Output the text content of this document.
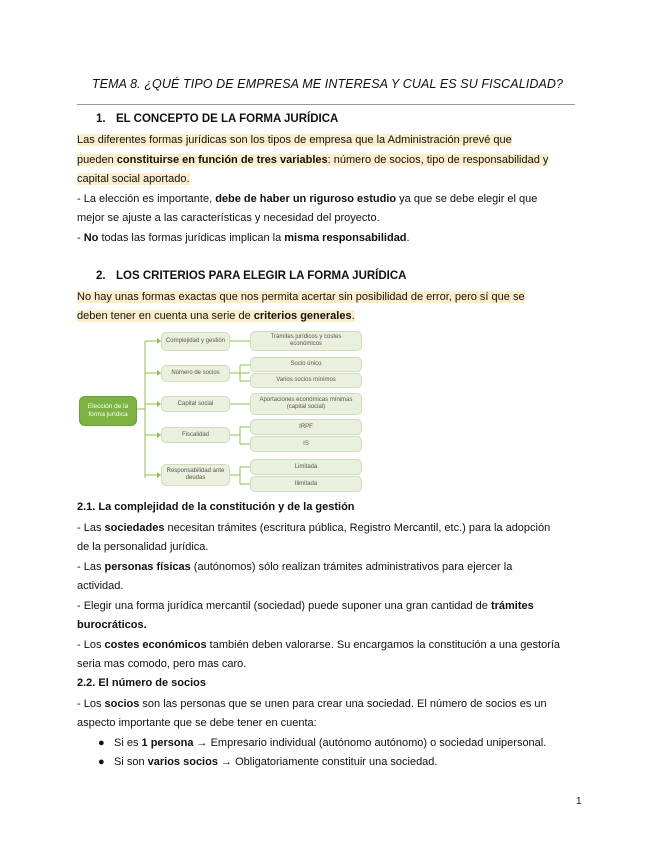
TEMA 8. ¿QUÉ TIPO DE EMPRESA ME INTERESA Y CUAL ES SU FISCALIDAD?
1. EL CONCEPTO DE LA FORMA JURÍDICA
Las diferentes formas jurídicas son los tipos de empresa que la Administración prevé que
pueden constituirse en función de tres variables: número de socios, tipo de responsabilidad y
capital social aportado.
- La elección es importante, debe de haber un riguroso estudio ya que se debe elegir el que
mejor se ajuste a las características y necesidad del proyecto.
- No todas las formas jurídicas implican la misma responsabilidad.
2. LOS CRITERIOS PARA ELEGIR LA FORMA JURÍDICA
No hay unas formas exactas que nos permita acertar sin posibilidad de error, pero sí que se
deben tener en cuenta una serie de criterios generales.
Elección de la forma jurídica
Complejidad y gestión
Número de socios
Capital social
Fiscalidad
Responsabilidad ante deudas
Trámites jurídicos y costes económicos
Socio único
Varios socios mínimos
Aportaciones económicas mínimas (capital social)
IRPF
IS
Limitada
Ilimitada
2.1. La complejidad de la constitución y de la gestión
- Las sociedades necesitan trámites (escritura pública, Registro Mercantil, etc.) para la adopción
de la personalidad jurídica.
- Las personas físicas (autónomos) sólo realizan trámites administrativos para ejercer la
actividad.
- Elegir una forma jurídica mercantil (sociedad) puede suponer una gran cantidad de trámites
burocráticos.
- Los costes económicos también deben valorarse. Su encargamos la constitución a una gestoría
seria mas comodo, pero mas caro.
2.2. El número de socios
- Los socios son las personas que se unen para crear una sociedad. El número de socios es un
aspecto importante que se debe tener en cuenta:
● Si es 1 persona → Empresario individual (autónomo autónomo) o sociedad unipersonal.
● Si son varios socios → Obligatoriamente constituir una sociedad.
1
